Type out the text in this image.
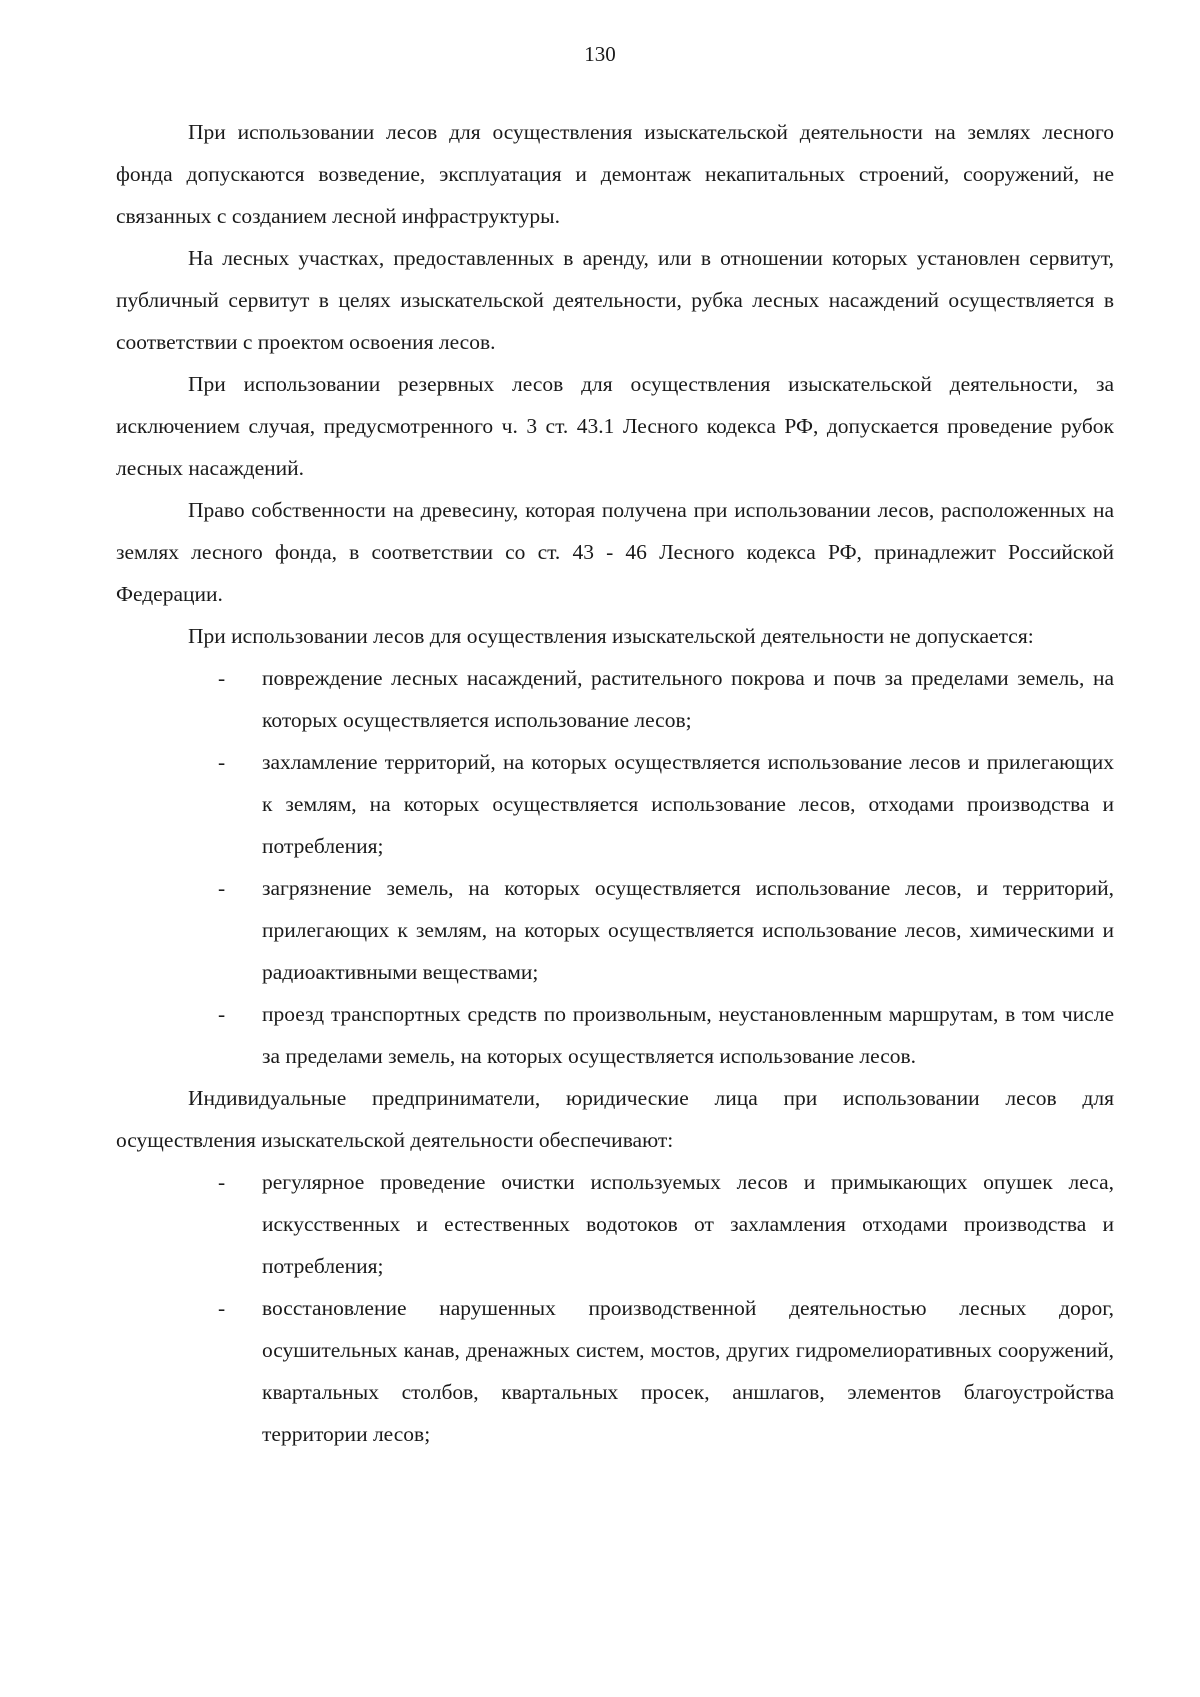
130

При использовании лесов для осуществления изыскательской деятельности на землях лесного фонда допускаются возведение, эксплуатация и демонтаж некапитальных строений, сооружений, не связанных с созданием лесной инфраструктуры.

На лесных участках, предоставленных в аренду, или в отношении которых установлен сервитут, публичный сервитут в целях изыскательской деятельности, рубка лесных насаждений осуществляется в соответствии с проектом освоения лесов.

При использовании резервных лесов для осуществления изыскательской деятельности, за исключением случая, предусмотренного ч. 3 ст. 43.1 Лесного кодекса РФ, допускается проведение рубок лесных насаждений.

Право собственности на древесину, которая получена при использовании лесов, расположенных на землях лесного фонда, в соответствии со ст. 43 - 46 Лесного кодекса РФ, принадлежит Российской Федерации.

При использовании лесов для осуществления изыскательской деятельности не допускается:

- повреждение лесных насаждений, растительного покрова и почв за пределами земель, на которых осуществляется использование лесов;
- захламление территорий, на которых осуществляется использование лесов и прилегающих к землям, на которых осуществляется использование лесов, отходами производства и потребления;
- загрязнение земель, на которых осуществляется использование лесов, и территорий, прилегающих к землям, на которых осуществляется использование лесов, химическими и радиоактивными веществами;
- проезд транспортных средств по произвольным, неустановленным маршрутам, в том числе за пределами земель, на которых осуществляется использование лесов.

Индивидуальные предприниматели, юридические лица при использовании лесов для осуществления изыскательской деятельности обеспечивают:

- регулярное проведение очистки используемых лесов и примыкающих опушек леса, искусственных и естественных водотоков от захламления отходами производства и потребления;
- восстановление нарушенных производственной деятельностью лесных дорог, осушительных канав, дренажных систем, мостов, других гидромелиоративных сооружений, квартальных столбов, квартальных просек, аншлагов, элементов благоустройства территории лесов;
